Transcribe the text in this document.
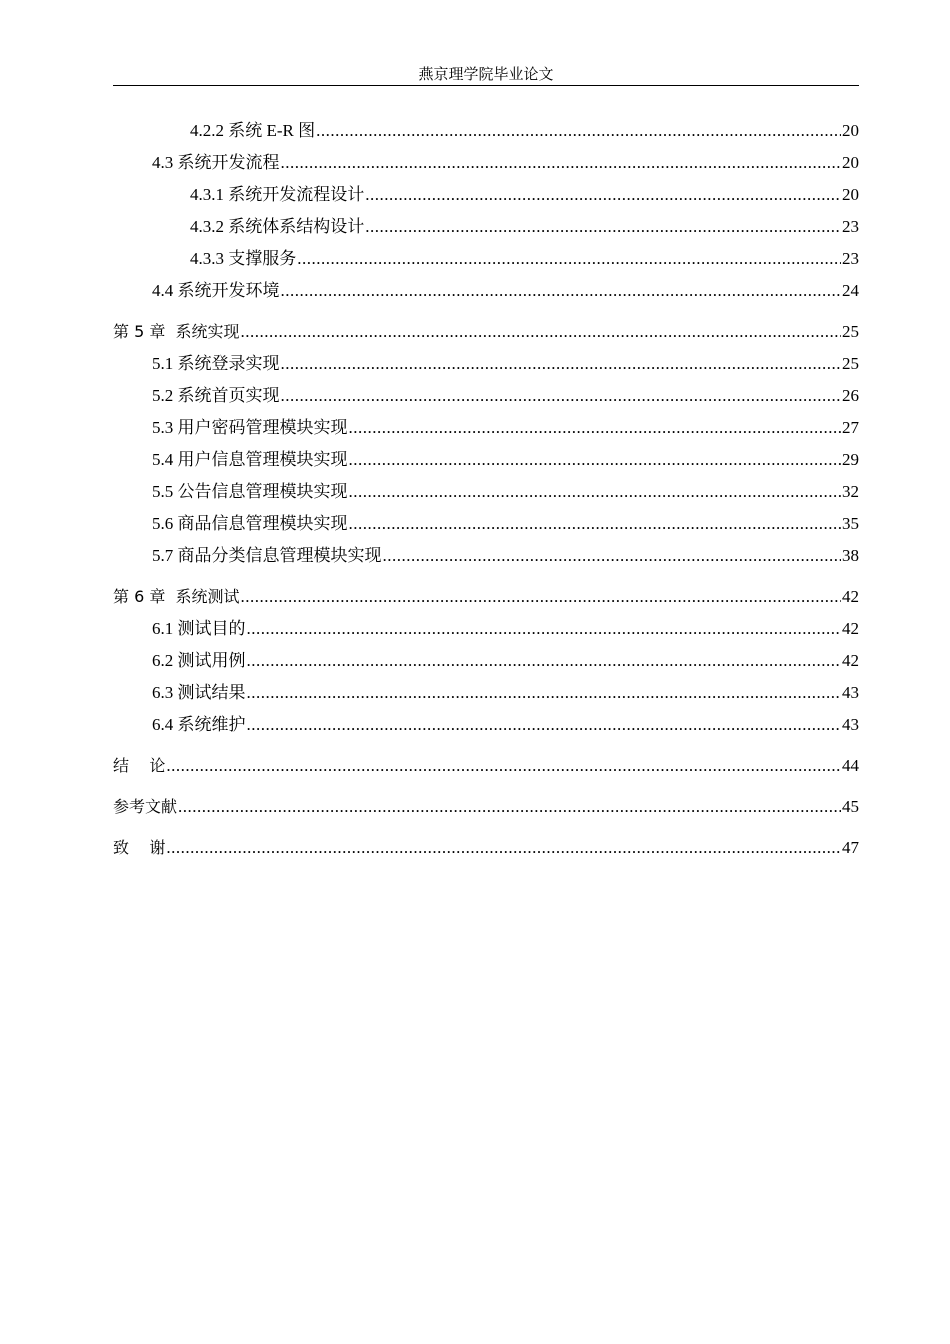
燕京理学院毕业论文
4.2.2 系统 E-R 图 .....	20
4.3 系统开发流程 .....	20
4.3.1 系统开发流程设计 .....	20
4.3.2 系统体系结构设计 .....	23
4.3.3 支撑服务 .....	23
4.4 系统开发环境 .....	24
第 5 章  系统实现 .....	25
5.1 系统登录实现 .....	25
5.2 系统首页实现 .....	26
5.3 用户密码管理模块实现 .....	27
5.4 用户信息管理模块实现 .....	29
5.5 公告信息管理模块实现 .....	32
5.6 商品信息管理模块实现 .....	35
5.7 商品分类信息管理模块实现 .....	38
第 6 章  系统测试 .....	42
6.1 测试目的 .....	42
6.2 测试用例 .....	42
6.3 测试结果 .....	43
6.4 系统维护 .....	43
结    论 .....	44
参考文献 .....	45
致    谢 .....	47
